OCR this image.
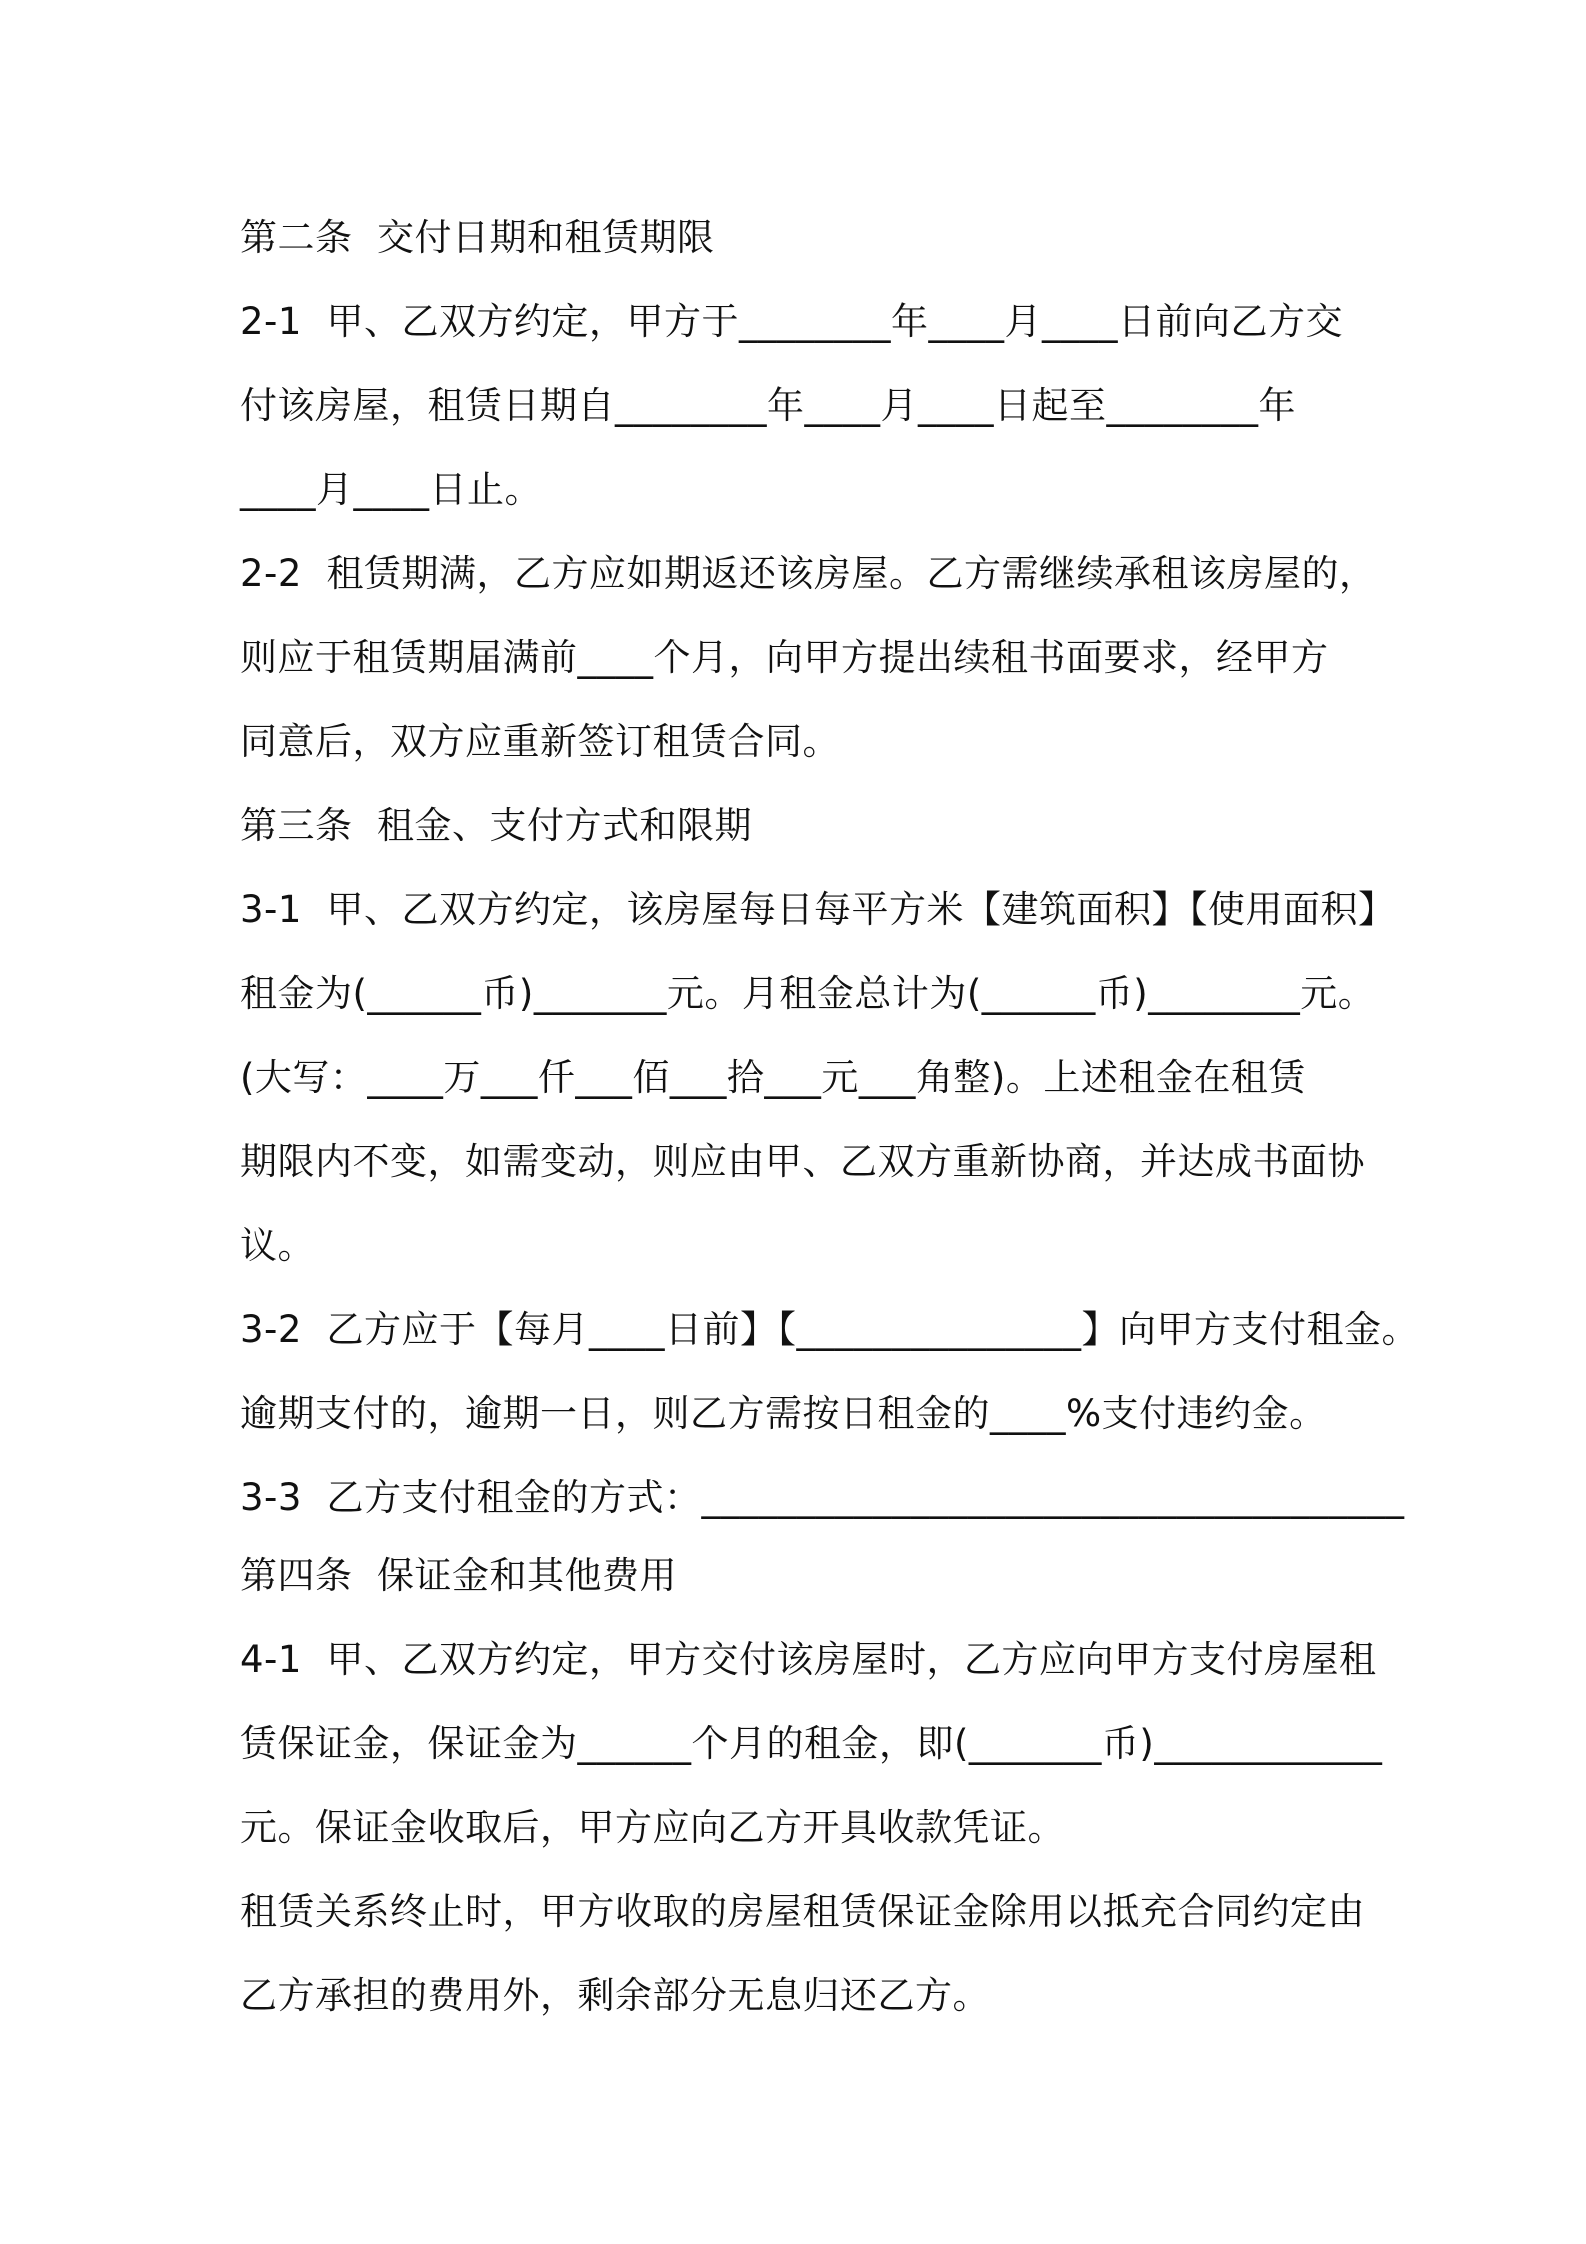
第二条  交付日期和租赁期限
2-1  甲、乙双方约定，甲方于________年____月____日前向乙方交
付该房屋，租赁日期自________年____月____日起至________年
____月____日止。
2-2  租赁期满，乙方应如期返还该房屋。乙方需继续承租该房屋的，
则应于租赁期届满前____个月，向甲方提出续租书面要求，经甲方
同意后，双方应重新签订租赁合同。
第三条  租金、支付方式和限期
3-1  甲、乙双方约定，该房屋每日每平方米【建筑面积】【使用面积】
租金为(______币)_______元。月租金总计为(______币)________元。
(大写：____万___仟___佰___拾___元___角整)。上述租金在租赁
期限内不变，如需变动，则应由甲、乙双方重新协商，并达成书面协
议。
3-2  乙方应于【每月____日前】【_______________】向甲方支付租金。
逾期支付的，逾期一日，则乙方需按日租金的____%支付违约金。
3-3  乙方支付租金的方式：_____________________________________
第四条  保证金和其他费用
4-1  甲、乙双方约定，甲方交付该房屋时，乙方应向甲方支付房屋租
赁保证金，保证金为______个月的租金，即(_______币)____________
元。保证金收取后，甲方应向乙方开具收款凭证。
租赁关系终止时，甲方收取的房屋租赁保证金除用以抵充合同约定由
乙方承担的费用外，剩余部分无息归还乙方。
